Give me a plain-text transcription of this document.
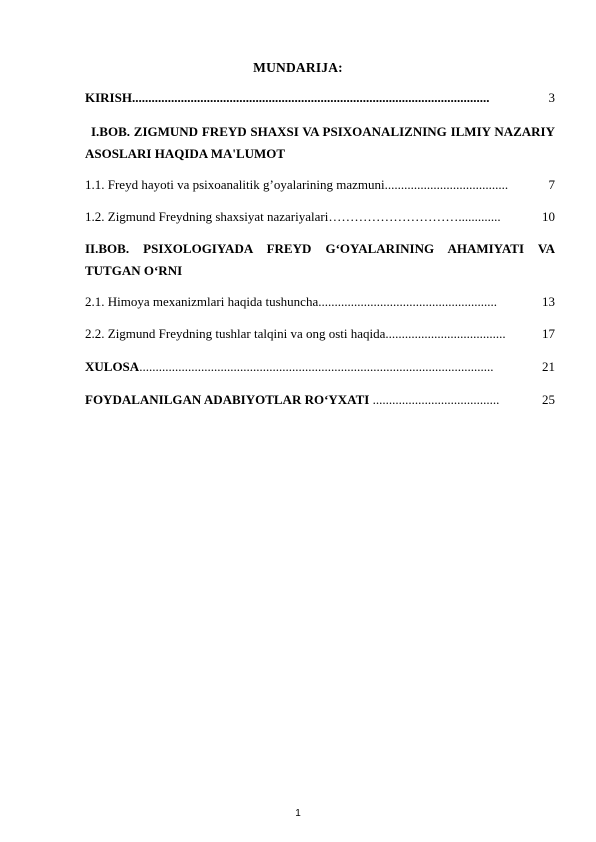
MUNDARIJA:
KIRISH..............................................................................................................	3
I.BOB. ZIGMUND FREYD SHAXSI VA PSIXOANALIZNING ILMIY NAZARIY ASOSLARI HAQIDA MA'LUMOT
1.1. Freyd hayoti va psixoanalitik g’oyalarining mazmuni......................................	7
1.2. Zigmund Freydning shaxsiyat nazariyalari………………………….............	10
II.BOB. PSIXOLOGIYADA FREYD G‘OYALARINING AHAMIYATI VA TUTGAN O‘RNI
2.1. Himoya mexanizmlari haqida tushuncha.......................................................	13
2.2. Zigmund Freydning tushlar talqini va ong osti haqida.....................................	17
XULOSA.............................................................................................................	21
FOYDALANILGAN ADABIYOTLAR RO‘YXATI .......................................	25
1
